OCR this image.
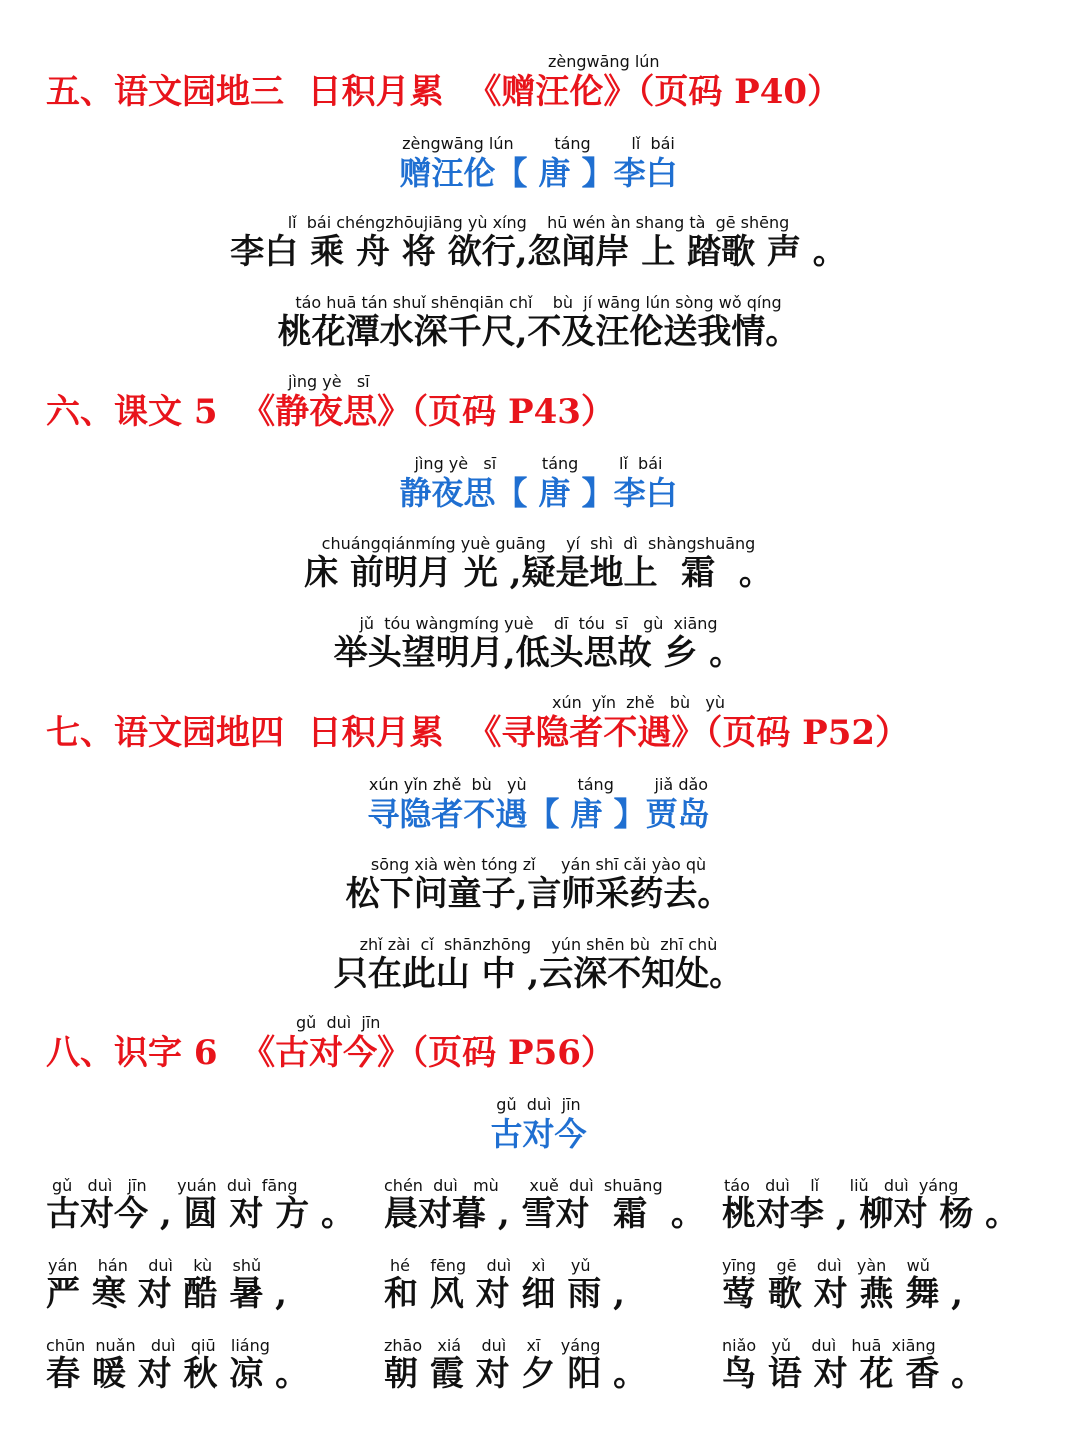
zèngwāng lún
五、语文园地三  日积月累  《赠汪伦》（页码 P40）
zèngwāng lún        táng        lǐ  bái
赠汪伦【 唐 】李白
lǐ  bái chéngzhōujiāng yù xíng    hū wén àn shang tà  gē shēng
李白 乘 舟 将 欲行,忽闻岸 上 踏歌 声 。
táo huā tán shuǐ shēnqiān chǐ    bù  jí wāng lún sòng wǒ qíng
桃花潭水深千尺,不及汪伦送我情。
jìng yè   sī
六、课文 5  《静夜思》（页码 P43）
jìng yè   sī         táng        lǐ  bái
静夜思【 唐 】李白
chuángqiánmíng yuè guāng    yí  shì  dì  shàngshuāng
床 前明月 光 ,疑是地上  霜  。
jǔ  tóu wàngmíng yuè    dī  tóu  sī   gù  xiāng
举头望明月,低头思故 乡 。
xún  yǐn  zhě   bù   yù
七、语文园地四  日积月累  《寻隐者不遇》（页码 P52）
xún yǐn zhě  bù   yù          táng        jiǎ dǎo
寻隐者不遇【 唐 】贾岛
sōng xià wèn tóng zǐ     yán shī cǎi yào qù
松下问童子,言师采药去。
zhǐ zài  cǐ  shānzhōng    yún shēn bù  zhī chù
只在此山 中 ,云深不知处。
gǔ  duì  jīn
八、识字 6  《古对今》（页码 P56）
gǔ  duì  jīn
古对今
gǔ   duì   jīn      yuán  duì  fāng
古对今 , 圆 对 方 。
chén  duì   mù      xuě  duì  shuāng
晨对暮 , 雪对  霜  。
táo   duì    lǐ      liǔ   duì  yáng
桃对李 , 柳对 杨 。
yán    hán    duì    kù    shǔ
严 寒 对 酷 暑 ,
hé    fēng    duì    xì     yǔ
和 风 对 细 雨 ,
yīng    gē    duì   yàn    wǔ
莺 歌 对 燕 舞 ,
chūn  nuǎn   duì   qiū   liáng
春 暖 对 秋 凉 。
zhāo   xiá    duì    xī    yáng
朝 霞 对 夕 阳 。
niǎo   yǔ    duì   huā  xiāng
鸟 语 对 花 香 。
